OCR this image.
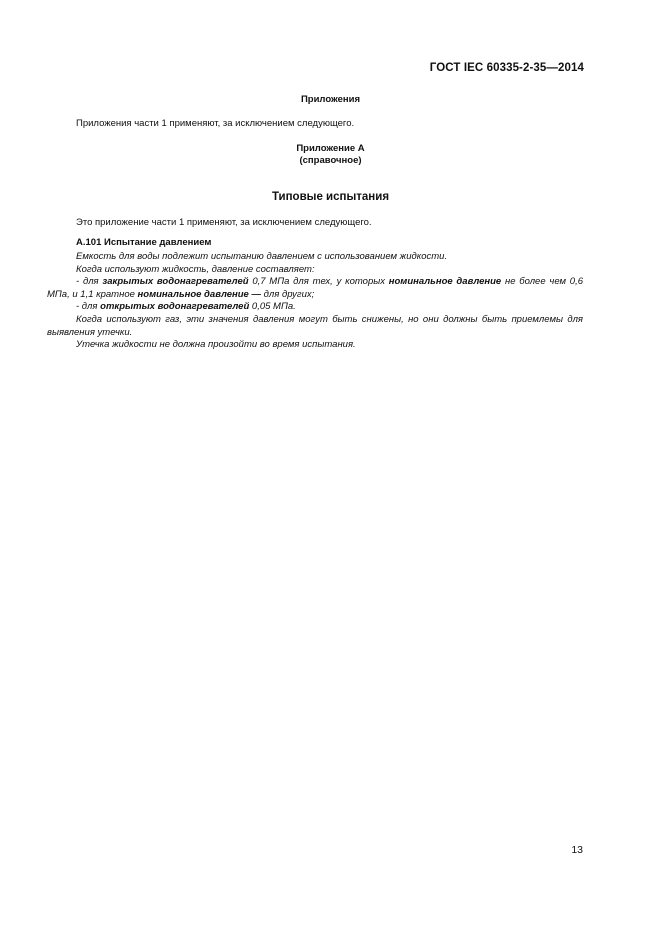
ГОСТ IEC 60335-2-35—2014
Приложения
Приложения части 1 применяют, за исключением следующего.
Приложение А
(справочное)
Типовые испытания
Это приложение части 1 применяют, за исключением следующего.
А.101 Испытание давлением
Емкость для воды подлежит испытанию давлением с использованием жидкости.
Когда используют жидкость, давление составляет:
- для закрытых водонагревателей 0,7 МПа для тех, у которых номинальное давление не более чем 0,6 МПа, и 1,1 кратное номинальное давление — для других;
- для открытых водонагревателей 0,05 МПа.
Когда используют газ, эти значения давления могут быть снижены, но они должны быть приемлемы для выявления утечки.
Утечка жидкости не должна произойти во время испытания.
13
